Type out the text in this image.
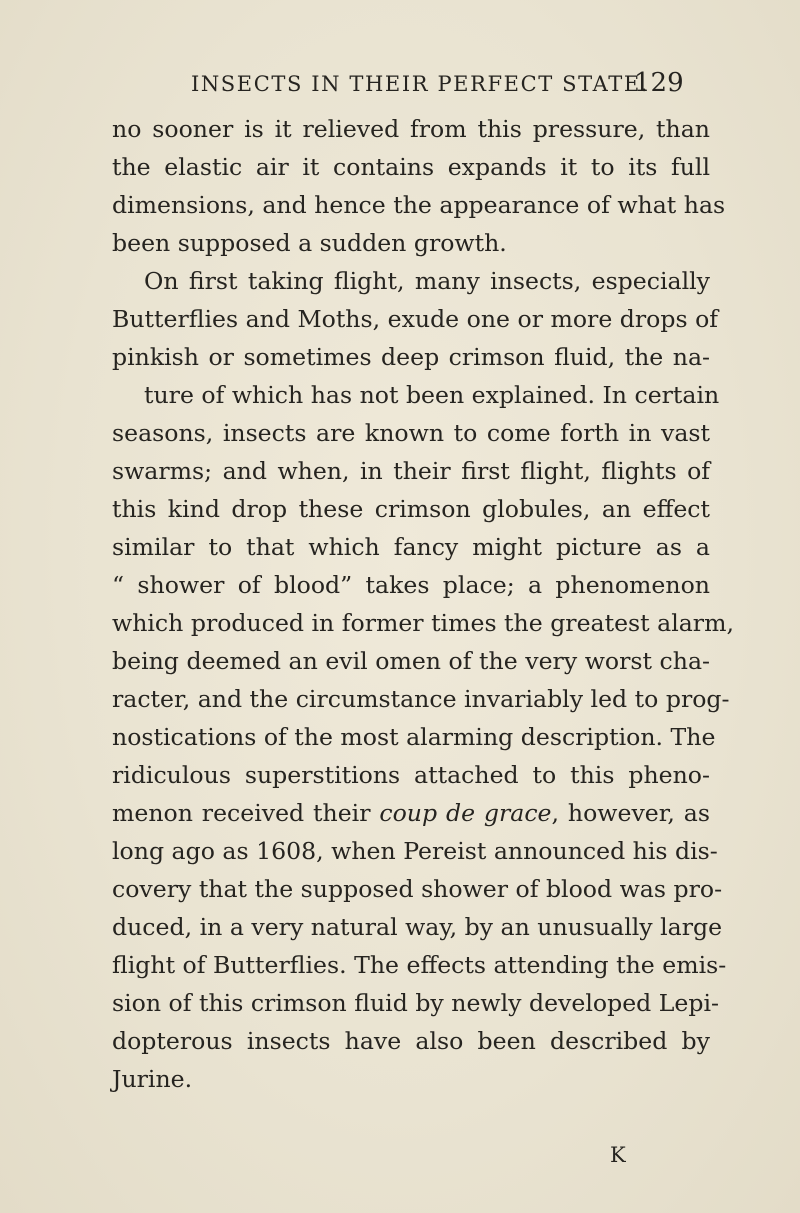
INSECTS IN THEIR PERFECT STATE.
129
no sooner is it relieved from this pressure, than
the elastic air it contains expands it to its full
dimensions, and hence the appearance of what has
been supposed a sudden growth.
On first taking flight, many insects, especially
Butterflies and Moths, exude one or more drops of
pinkish or sometimes deep crimson fluid, the na-
ture of which has not been explained. In certain
seasons, insects are known to come forth in vast
swarms; and when, in their first flight, flights of
this kind drop these crimson globules, an effect
similar to that which fancy might picture as a
“ shower of blood” takes place; a phenomenon
which produced in former times the greatest alarm,
being deemed an evil omen of the very worst cha-
racter, and the circumstance invariably led to prog-
nostications of the most alarming description. The
ridiculous superstitions attached to this pheno-
menon received their coup de grace, however, as
long ago as 1608, when Pereist announced his dis-
covery that the supposed shower of blood was pro-
duced, in a very natural way, by an unusually large
flight of Butterflies. The effects attending the emis-
sion of this crimson fluid by newly developed Lepi-
dopterous insects have also been described by
Jurine.
K
